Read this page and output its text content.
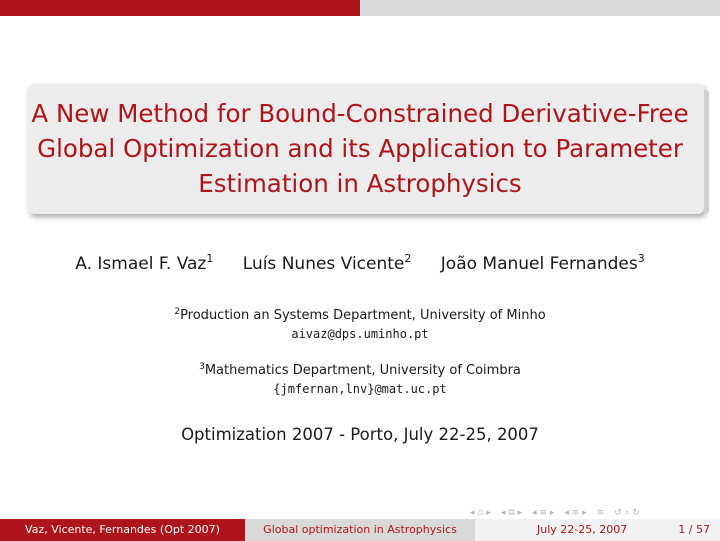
A New Method for Bound-Constrained Derivative-Free
Global Optimization and its Application to Parameter
Estimation in Astrophysics
A. Ismael F. Vaz$^1$ Luís Nunes Vicente$^2$ João Manuel Fernandes$^3$
$^2$Production an Systems Department, University of Minho
aivaz@dps.uminho.pt
$^3$Mathematics Department, University of Coimbra
{jmfernan,lnv}@mat.uc.pt
Optimization 2007 - Porto, July 22-25, 2007
◂ ▫ ▸ ◂ ⧉ ▸ ◂ ≡ ▸ ◂ ≡ ▸ ≡ ↺ ⌕ ↻
Vaz, Vicente, Fernandes (Opt 2007)	Global optimization in Astrophysics	July 22-25, 2007	1 / 57
